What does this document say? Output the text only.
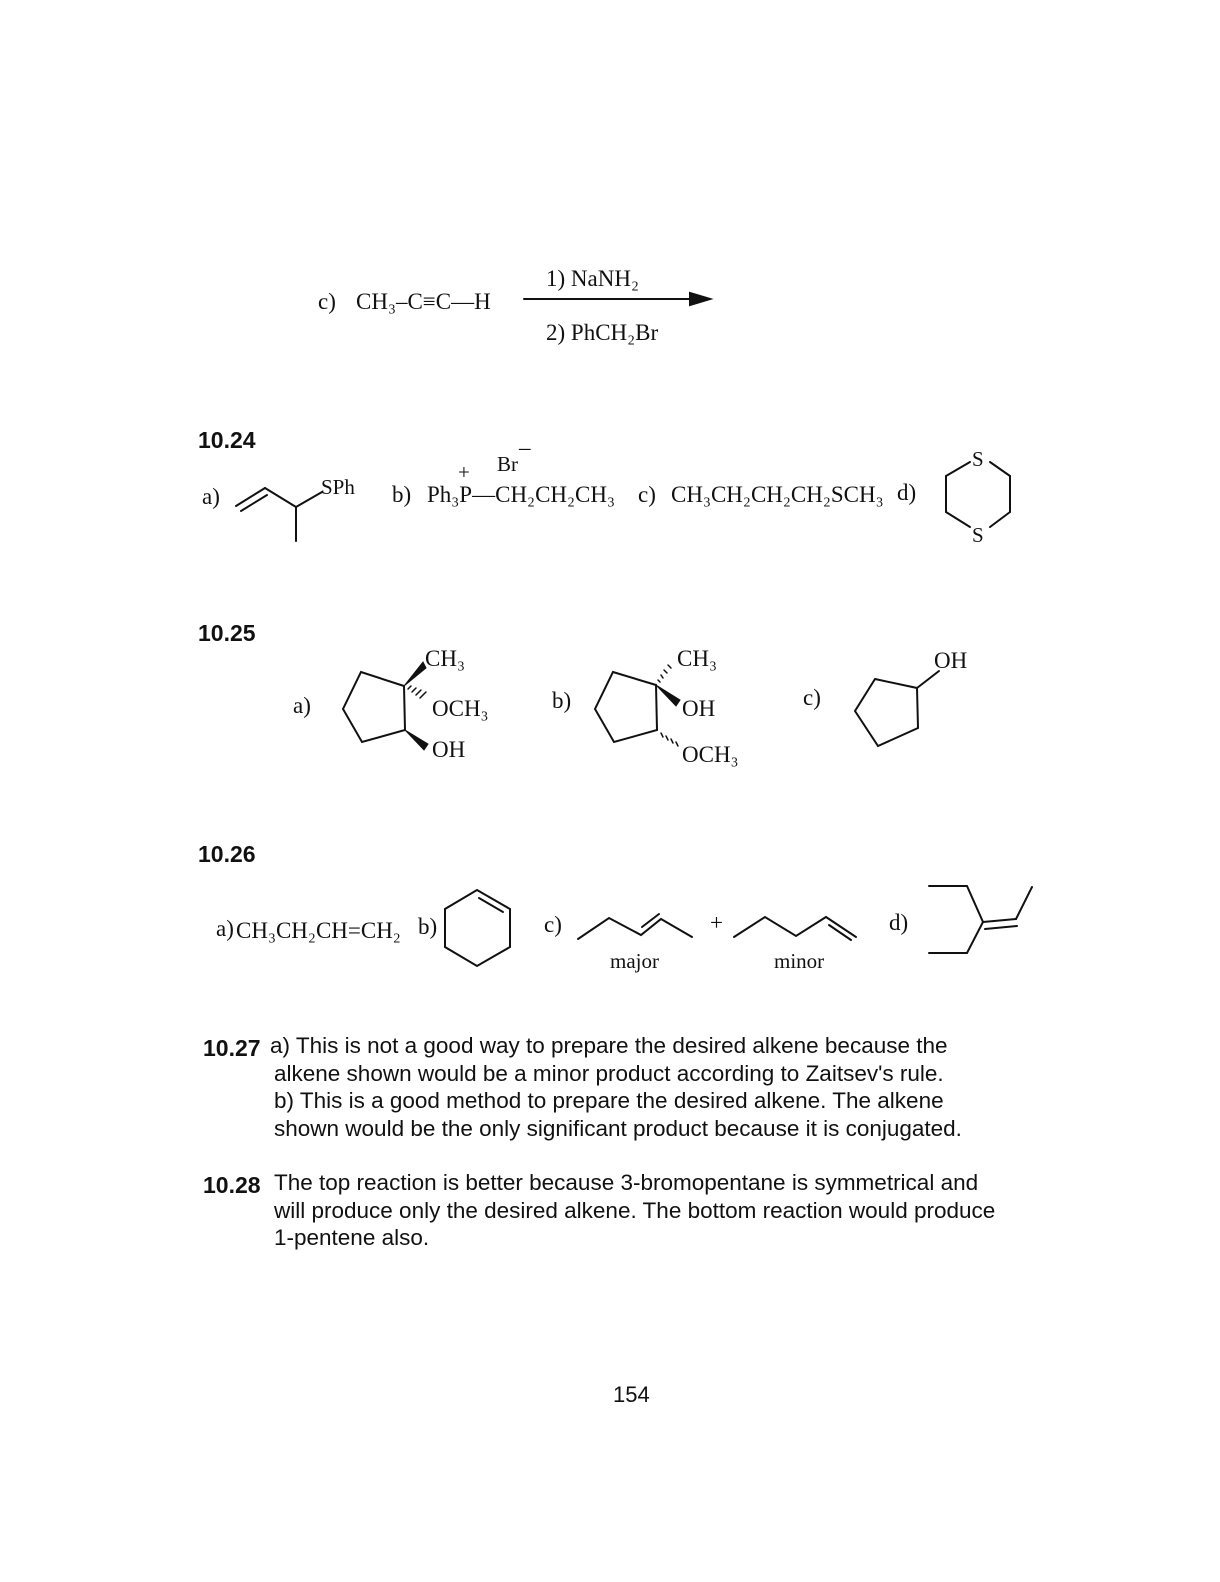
c) CH₃–C≡C—H
1) NaNH₂
2) PhCH₂Br
10.24
a)	SPh
+ Br
–
b) Ph₃P—CH₂CH₂CH₃ c) CH₃CH₂CH₂CH₂SCH₃ d)
S
S
10.25
a)
CH₃
OCH₃
OH
b)
CH₃
OH
OCH₃
c)
OH
10.26
a) CH₃CH₂CH=CH₂ b)	c)	+
major	minor
d)
10.27 a) This is not a good way to prepare the desired alkene because the
alkene shown would be a minor product according to Zaitsev's rule.
b) This is a good method to prepare the desired alkene. The alkene
shown would be the only significant product because it is conjugated.
10.28 The top reaction is better because 3-bromopentane is symmetrical and
will produce only the desired alkene. The bottom reaction would produce
1-pentene also.
154
